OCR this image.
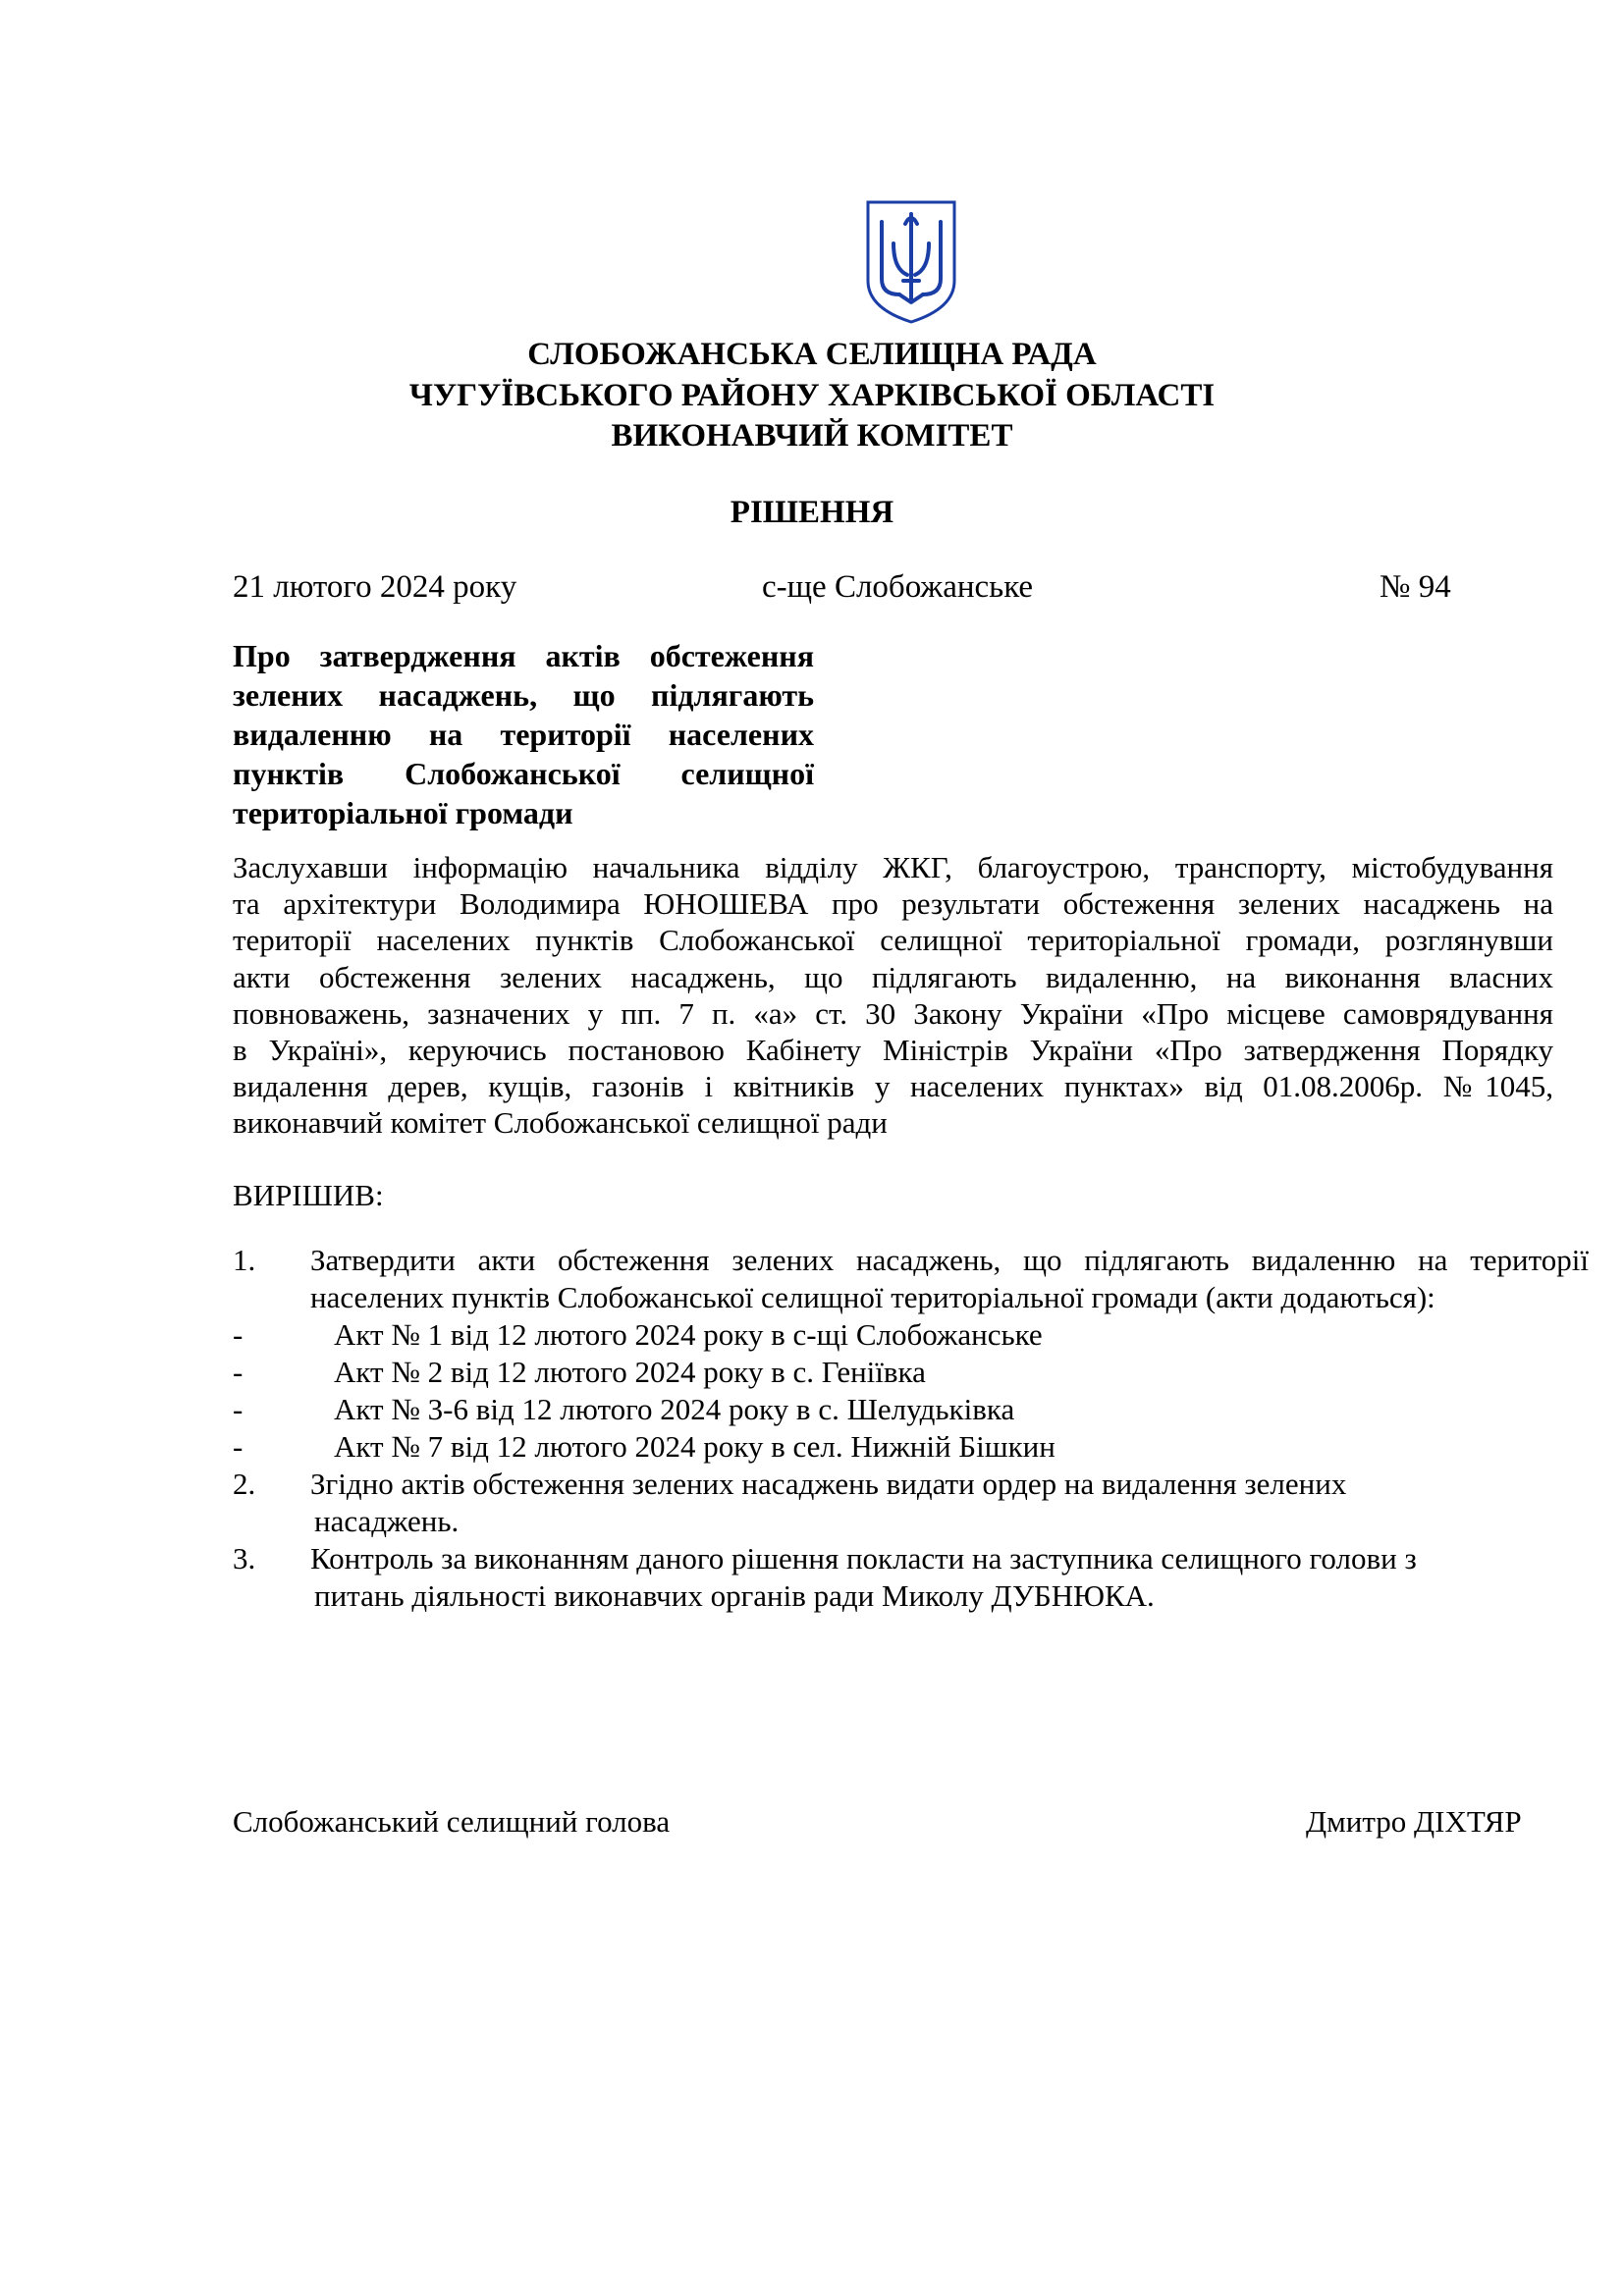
СЛОБОЖАНСЬКА СЕЛИЩНА РАДА
ЧУГУЇВСЬКОГО РАЙОНУ ХАРКІВСЬКОЇ ОБЛАСТІ
ВИКОНАВЧИЙ КОМІТЕТ
РІШЕННЯ
21 лютого 2024 року	с-ще Слобожанське	№ 94
Про затвердження актів обстеження
зелених насаджень, що підлягають
видаленню на території населених
пунктів Слобожанської селищної
територіальної громади
Заслухавши інформацію начальника відділу ЖКГ, благоустрою, транспорту, містобудування
та архітектури Володимира ЮНОШЕВА про результати обстеження зелених насаджень на
території населених пунктів Слобожанської селищної територіальної громади, розглянувши
акти обстеження зелених насаджень, що підлягають видаленню, на виконання власних
повноважень, зазначених у пп. 7 п. «а» ст. 30 Закону України «Про місцеве самоврядування
в Україні», керуючись постановою Кабінету Міністрів України «Про затвердження Порядку
видалення дерев, кущів, газонів і квітників у населених пунктах» від 01.08.2006р. №1045,
виконавчий комітет Слобожанської селищної ради
ВИРІШИВ:
1. Затвердити акти обстеження зелених насаджень, що підлягають видаленню на території
населених пунктів Слобожанської селищної територіальної громади (акти додаються):
-	Акт № 1 від 12 лютого 2024 року в с-щі Слобожанське
-	Акт № 2 від 12 лютого 2024 року в с. Геніївка
-	Акт № 3-6 від 12 лютого 2024 року в с. Шелудьківка
-	Акт № 7 від 12 лютого 2024 року в сел. Нижній Бішкин
2. Згідно актів обстеження зелених насаджень видати ордер на видалення зелених
насаджень.
3. Контроль за виконанням даного рішення покласти на заступника селищного голови з
питань діяльності виконавчих органів ради Миколу ДУБНЮКА.
Слобожанський селищний голова	Дмитро ДІХТЯР
